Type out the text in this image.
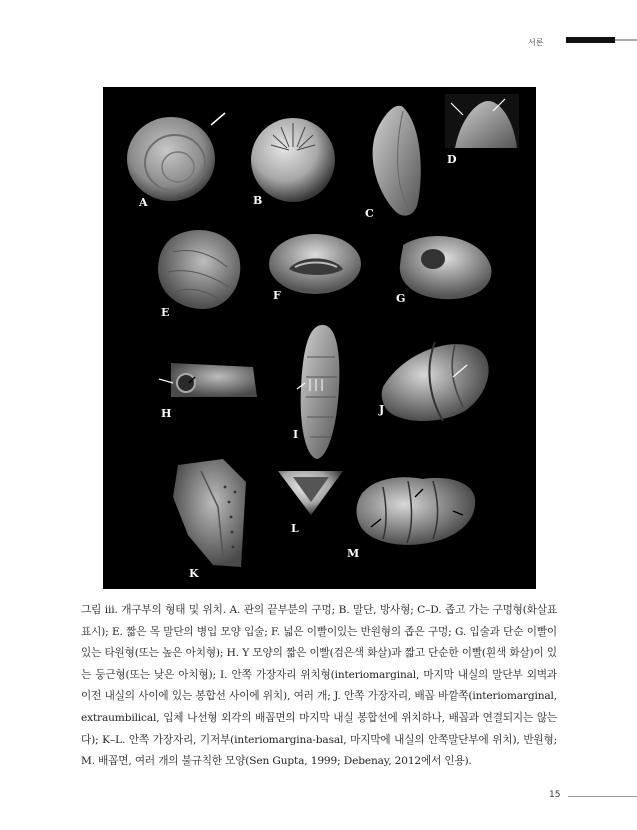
서론
A	B
C
D
E
F	G
H
I
J
K
L
M

그림 iii. 개구부의 형태 및 위치. A. 관의 끝부분의 구멍; B. 말단, 방사형; C–D. 좁고 가는 구멍형(화살표 표시); E. 짧은 목 말단의 병입 모양 입술; F. 넓은 이빨이있는 반원형의 좁은 구멍; G. 입술과 단순 이빨이 있는 타원형(또는 높은 아치형); H. Y 모양의 짧은 이빨(검은색 화살)과 짧고 단순한 이빨(흰색 화살)이 있는 둥근형(또는 낮은 아치형); I. 안쪽 가장자리 위치형(interiomarginal, 마지막 내실의 말단부 외벽과 이전 내실의 사이에 있는 봉합선 사이에 위치), 여러 개; J. 안쪽 가장자리, 배꼽 바깥쪽(interiomarginal, extraumbilical, 입체 나선형 외각의 배꼽면의 마지막 내실 봉합선에 위치하나, 배꼽과 연결되지는 않는다); K–L. 안쪽 가장자리, 기저부(interiomargina-basal, 마지막에 내실의 안쪽말단부에 위치), 반원형; M. 배꼽면, 여러 개의 불규칙한 모양(Sen Gupta, 1999; Debenay, 2012에서 인용).

15
